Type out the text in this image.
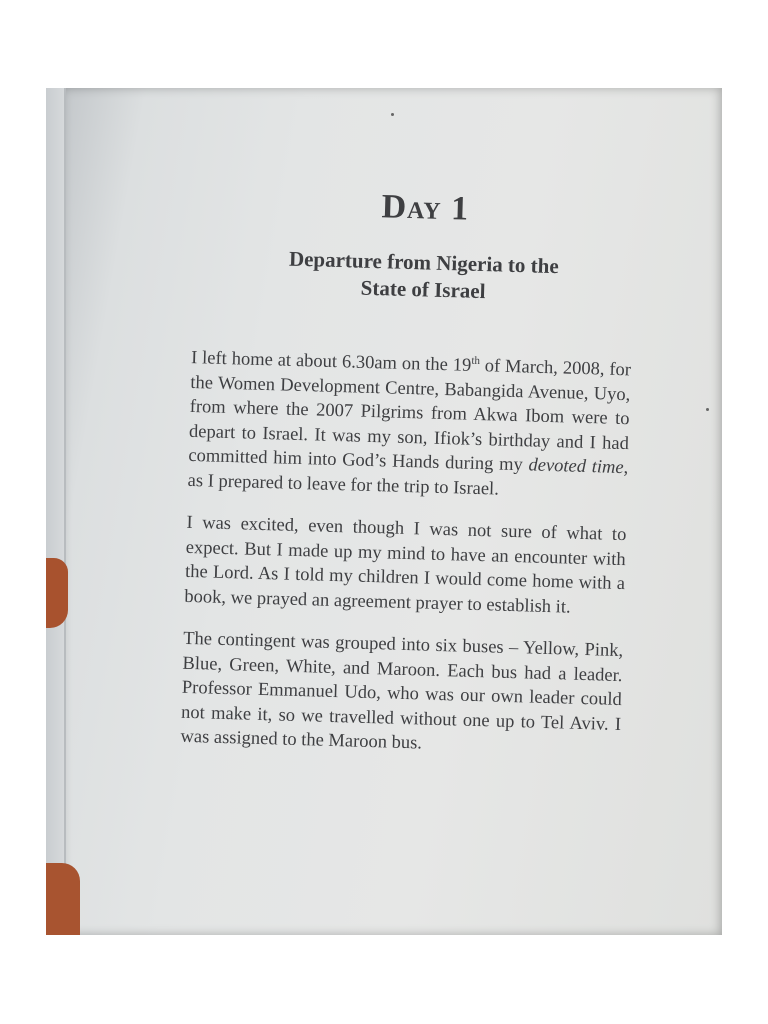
Day 1
Departure from Nigeria to the
State of Israel

I left home at about 6.30am on the 19th of March, 2008, for the Women Development Centre, Babangida Avenue, Uyo, from where the 2007 Pilgrims from Akwa Ibom were to depart to Israel. It was my son, Ifiok’s birthday and I had committed him into God’s Hands during my devoted time, as I prepared to leave for the trip to Israel.

I was excited, even though I was not sure of what to expect. But I made up my mind to have an encounter with the Lord. As I told my children I would come home with a book, we prayed an agreement prayer to establish it.

The contingent was grouped into six buses – Yellow, Pink, Blue, Green, White, and Maroon. Each bus had a leader. Professor Emmanuel Udo, who was our own leader could not make it, so we travelled without one up to Tel Aviv. I was assigned to the Maroon bus.
